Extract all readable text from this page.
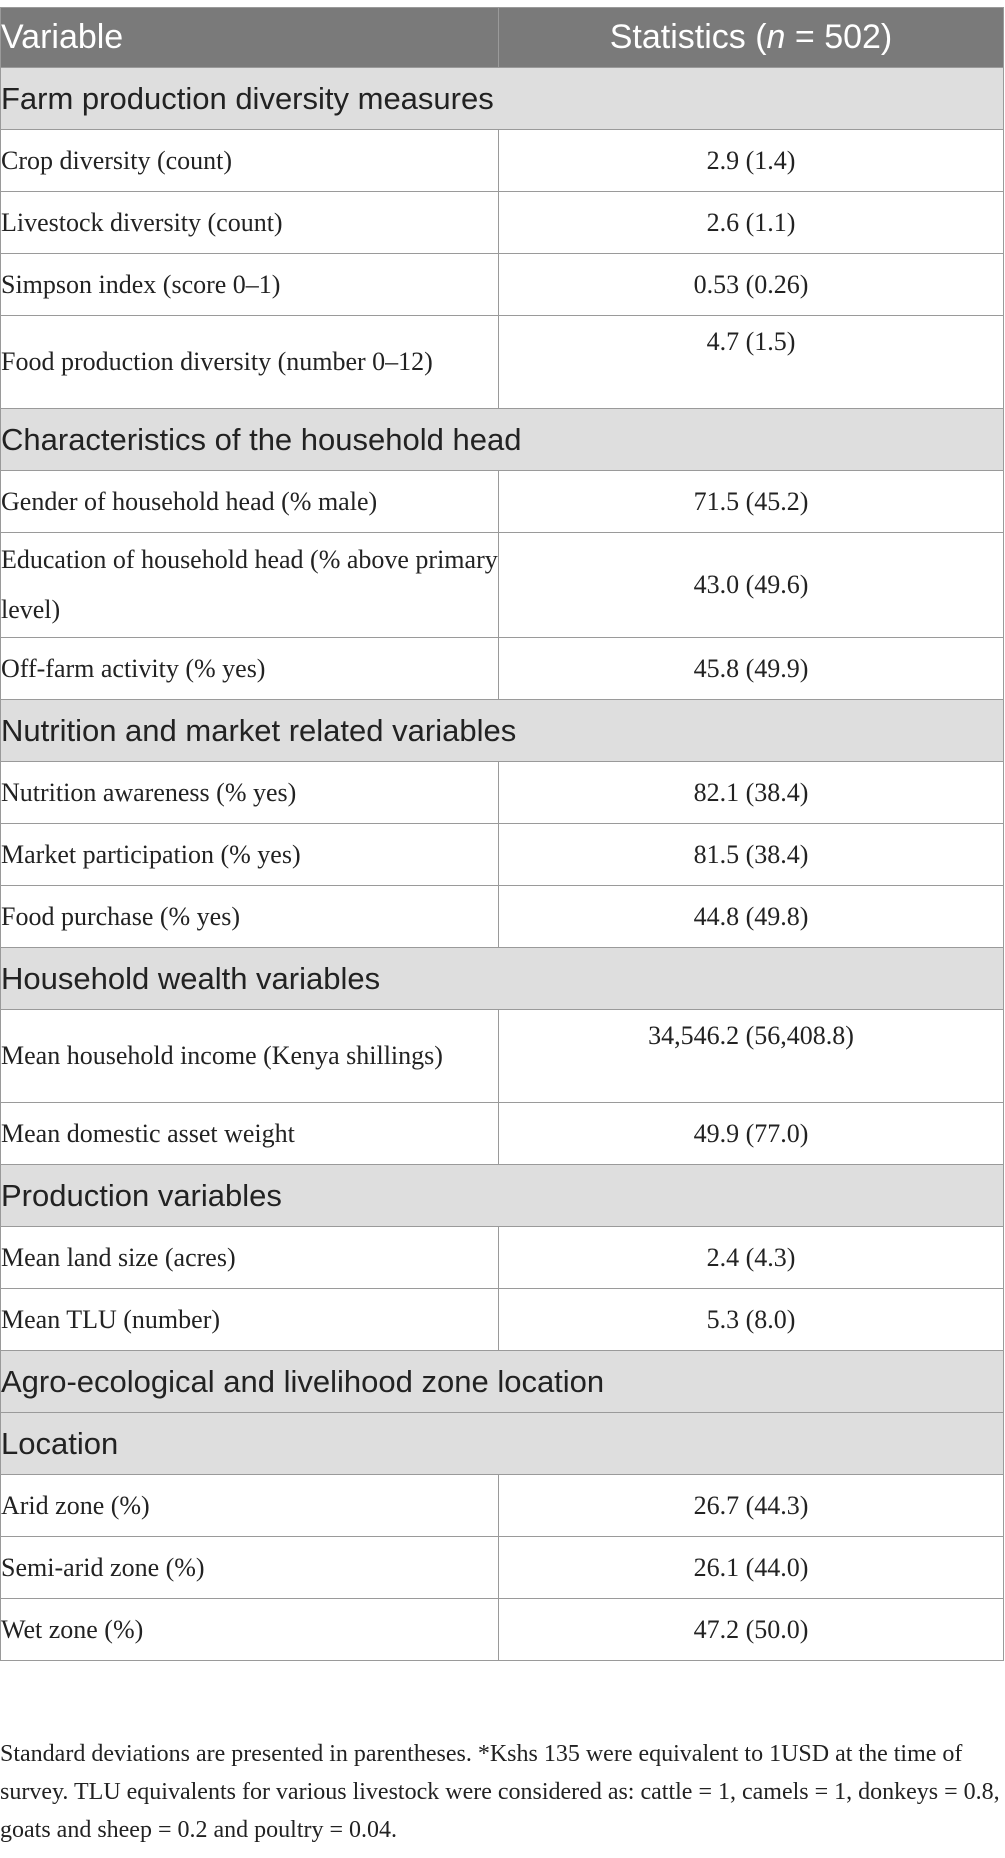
Variable	Statistics (n = 502)
Farm production diversity measures	
Crop diversity (count)	2.9 (1.4)
Livestock diversity (count)	2.6 (1.1)
Simpson index (score 0–1)	0.53 (0.26)
Food production diversity (number 0–12)	4.7 (1.5)
Characteristics of the household head	
Gender of household head (% male)	71.5 (45.2)
Education of household head (% above primary level)	43.0 (49.6)
Off-farm activity (% yes)	45.8 (49.9)
Nutrition and market related variables	
Nutrition awareness (% yes)	82.1 (38.4)
Market participation (% yes)	81.5 (38.4)
Food purchase (% yes)	44.8 (49.8)
Household wealth variables	
Mean household income (Kenya shillings)	34,546.2 (56,408.8)
Mean domestic asset weight	49.9 (77.0)
Production variables	
Mean land size (acres)	2.4 (4.3)
Mean TLU (number)	5.3 (8.0)
Agro-ecological and livelihood zone location	
Location	
Arid zone (%)	26.7 (44.3)
Semi-arid zone (%)	26.1 (44.0)
Wet zone (%)	47.2 (50.0)
Standard deviations are presented in parentheses. *Kshs 135 were equivalent to 1USD at the time of survey. TLU equivalents for various livestock were considered as: cattle = 1, camels = 1, donkeys = 0.8, goats and sheep = 0.2 and poultry = 0.04.
